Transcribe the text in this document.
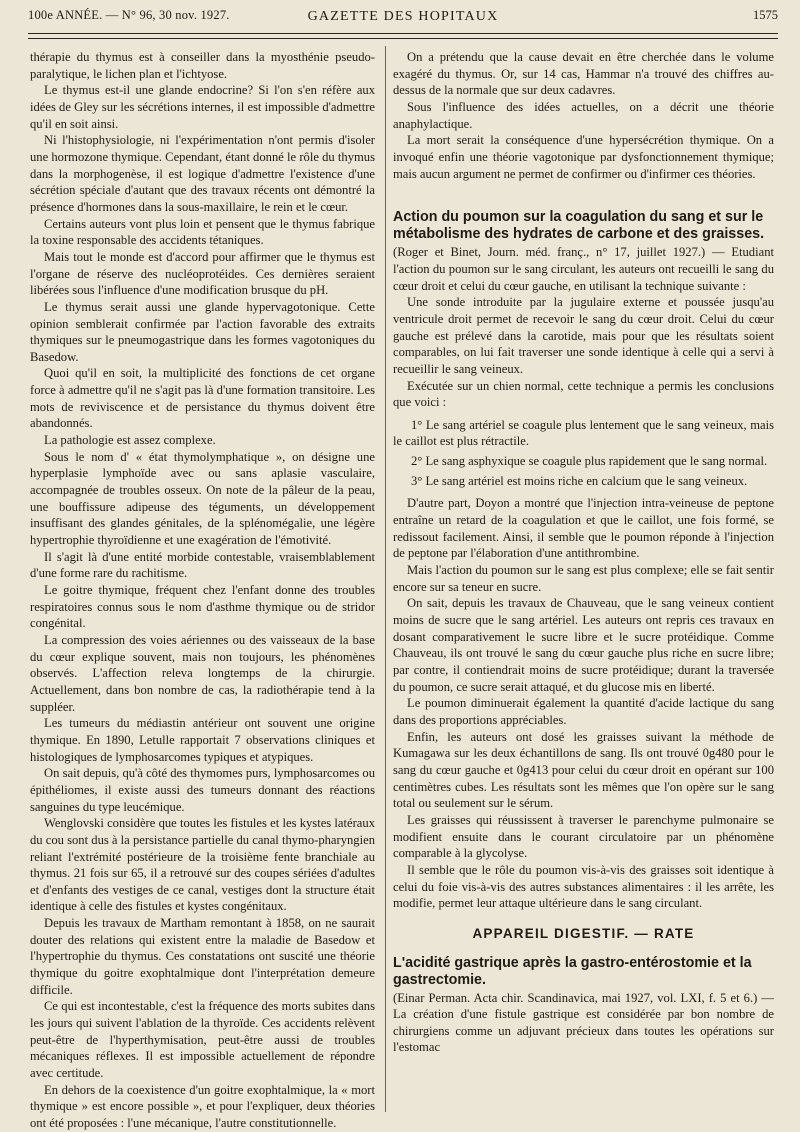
100e ANNÉE. — N° 96, 30 nov. 1927.	GAZETTE DES HOPITAUX	1575

thérapie du thymus est à conseiller dans la myosthénie pseudo-paralytique, le lichen plan et l'ichtyose.

Le thymus est-il une glande endocrine? Si l'on s'en réfère aux idées de Gley sur les sécrétions internes, il est impossible d'admettre qu'il en soit ainsi.

Ni l'histophysiologie, ni l'expérimentation n'ont permis d'isoler une hormozone thymique. Cependant, étant donné le rôle du thymus dans la morphogenèse, il est logique d'admettre l'existence d'une sécrétion spéciale d'autant que des travaux récents ont démontré la présence d'hormones dans la sous-maxillaire, le rein et le cœur.

Certains auteurs vont plus loin et pensent que le thymus fabrique la toxine responsable des accidents tétaniques.

Mais tout le monde est d'accord pour affirmer que le thymus est l'organe de réserve des nucléoprotéides. Ces dernières seraient libérées sous l'influence d'une modification brusque du pH.

Le thymus serait aussi une glande hypervagotonique. Cette opinion semblerait confirmée par l'action favorable des extraits thymiques sur le pneumogastrique dans les formes vagotoniques du Basedow.

Quoi qu'il en soit, la multiplicité des fonctions de cet organe force à admettre qu'il ne s'agit pas là d'une formation transitoire. Les mots de reviviscence et de persistance du thymus doivent être abandonnés.

La pathologie est assez complexe.

Sous le nom d' « état thymolymphatique », on désigne une hyperplasie lymphoïde avec ou sans aplasie vasculaire, accompagnée de troubles osseux. On note de la pâleur de la peau, une bouffissure adipeuse des téguments, un développement insuffisant des glandes génitales, de la splénomégalie, une légère hypertrophie thyroïdienne et une exagération de l'émotivité.

Il s'agit là d'une entité morbide contestable, vraisemblablement d'une forme rare du rachitisme.

Le goitre thymique, fréquent chez l'enfant donne des troubles respiratoires connus sous le nom d'asthme thymique ou de stridor congénital.

La compression des voies aériennes ou des vaisseaux de la base du cœur explique souvent, mais non toujours, les phénomènes observés. L'affection releva longtemps de la chirurgie. Actuellement, dans bon nombre de cas, la radiothérapie tend à la suppléer.

Les tumeurs du médiastin antérieur ont souvent une origine thymique. En 1890, Letulle rapportait 7 observations cliniques et histologiques de lymphosarcomes typiques et atypiques.

On sait depuis, qu'à côté des thymomes purs, lymphosarcomes ou épithéliomes, il existe aussi des tumeurs donnant des réactions sanguines du type leucémique.

Wenglovski considère que toutes les fistules et les kystes latéraux du cou sont dus à la persistance partielle du canal thymo-pharyngien reliant l'extrémité postérieure de la troisième fente branchiale au thymus. 21 fois sur 65, il a retrouvé sur des coupes sériées d'adultes et d'enfants des vestiges de ce canal, vestiges dont la structure était identique à celle des fistules et kystes congénitaux.

Depuis les travaux de Martham remontant à 1858, on ne saurait douter des relations qui existent entre la maladie de Basedow et l'hypertrophie du thymus. Ces constatations ont suscité une théorie thymique du goitre exophtalmique dont l'interprétation demeure difficile.

Ce qui est incontestable, c'est la fréquence des morts subites dans les jours qui suivent l'ablation de la thyroïde. Ces accidents relèvent peut-être de l'hyperthymisation, peut-être aussi de troubles mécaniques réflexes. Il est impossible actuellement de répondre avec certitude.

En dehors de la coexistence d'un goitre exophtalmique, la « mort thymique » est encore possible », et pour l'expliquer, deux théories ont été proposées : l'une mécanique, l'autre constitutionnelle.

On a prétendu que la cause devait en être cherchée dans le volume exagéré du thymus. Or, sur 14 cas, Hammar n'a trouvé des chiffres au-dessus de la normale que sur deux cadavres.

Sous l'influence des idées actuelles, on a décrit une théorie anaphylactique.

La mort serait la conséquence d'une hypersécrétion thymique. On a invoqué enfin une théorie vagotonique par dysfonctionnement thymique; mais aucun argument ne permet de confirmer ou d'infirmer ces théories.

Action du poumon sur la coagulation du sang et sur le métabolisme des hydrates de carbone et des graisses.

(Roger et Binet, Journ. méd. franç., n° 17, juillet 1927.) — Etudiant l'action du poumon sur le sang circulant, les auteurs ont recueilli le sang du cœur droit et celui du cœur gauche, en utilisant la technique suivante :

Une sonde introduite par la jugulaire externe et poussée jusqu'au ventricule droit permet de recevoir le sang du cœur droit. Celui du cœur gauche est prélevé dans la carotide, mais pour que les résultats soient comparables, on lui fait traverser une sonde identique à celle qui a servi à recueillir le sang veineux.

Exécutée sur un chien normal, cette technique a permis les conclusions que voici :

1° Le sang artériel se coagule plus lentement que le sang veineux, mais le caillot est plus rétractile.

2° Le sang asphyxique se coagule plus rapidement que le sang normal.

3° Le sang artériel est moins riche en calcium que le sang veineux.

D'autre part, Doyon a montré que l'injection intra-veineuse de peptone entraîne un retard de la coagulation et que le caillot, une fois formé, se redissout facilement. Ainsi, il semble que le poumon réponde à l'injection de peptone par l'élaboration d'une antithrombine.

Mais l'action du poumon sur le sang est plus complexe; elle se fait sentir encore sur sa teneur en sucre.

On sait, depuis les travaux de Chauveau, que le sang veineux contient moins de sucre que le sang artériel. Les auteurs ont repris ces travaux en dosant comparativement le sucre libre et le sucre protéidique. Comme Chauveau, ils ont trouvé le sang du cœur gauche plus riche en sucre libre; par contre, il contiendrait moins de sucre protéidique; durant la traversée du poumon, ce sucre serait attaqué, et du glucose mis en liberté.

Le poumon diminuerait également la quantité d'acide lactique du sang dans des proportions appréciables.

Enfin, les auteurs ont dosé les graisses suivant la méthode de Kumagawa sur les deux échantillons de sang. Ils ont trouvé 0g480 pour le sang du cœur gauche et 0g413 pour celui du cœur droit en opérant sur 100 centimètres cubes. Les résultats sont les mêmes que l'on opère sur le sang total ou seulement sur le sérum.

Les graisses qui réussissent à traverser le parenchyme pulmonaire se modifient ensuite dans le courant circulatoire par un phénomène comparable à la glycolyse.

Il semble que le rôle du poumon vis-à-vis des graisses soit identique à celui du foie vis-à-vis des autres substances alimentaires : il les arrête, les modifie, permet leur attaque ultérieure dans le sang circulant.

APPAREIL DIGESTIF. — RATE
L'acidité gastrique après la gastro-entérostomie et la gastrectomie.

(Einar Perman. Acta chir. Scandinavica, mai 1927, vol. LXI, f. 5 et 6.) — La création d'une fistule gastrique est considérée par bon nombre de chirurgiens comme un adjuvant précieux dans toutes les opérations sur l'estomac
